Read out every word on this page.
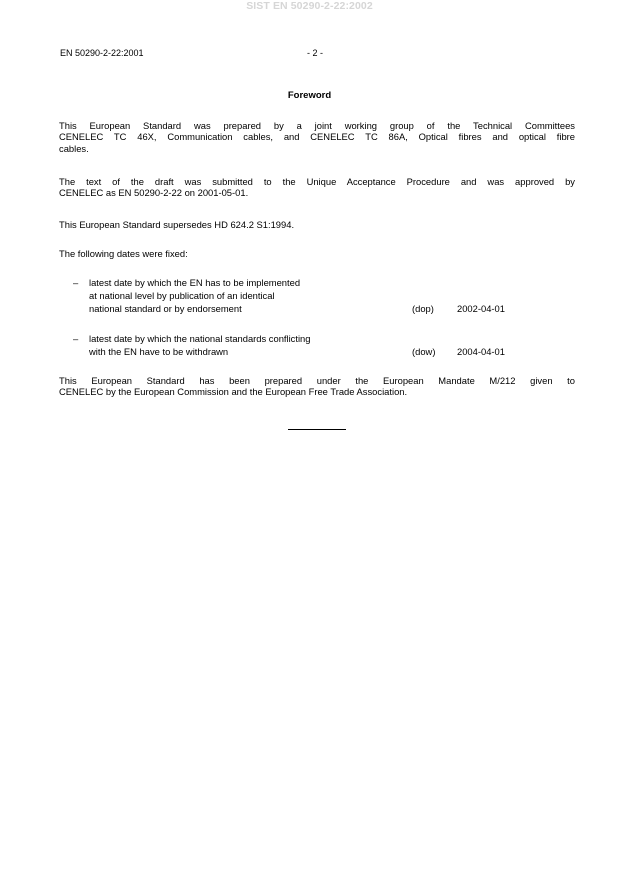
SIST EN 50290-2-22:2002
EN 50290-2-22:2001	- 2 -
Foreword
This European Standard was prepared by a joint working group of the Technical Committees
CENELEC TC 46X, Communication cables, and CENELEC TC 86A, Optical fibres and optical fibre
cables.
The text of the draft was submitted to the Unique Acceptance Procedure and was approved by
CENELEC as EN 50290-2-22 on 2001-05-01.
This European Standard supersedes HD 624.2 S1:1994.
The following dates were fixed:
– latest date by which the EN has to be implemented
at national level by publication of an identical
national standard or by endorsement	(dop) 2002-04-01
– latest date by which the national standards conflicting
with the EN have to be withdrawn	(dow) 2004-04-01
This European Standard has been prepared under the European Mandate M/212 given to
CENELEC by the European Commission and the European Free Trade Association.
